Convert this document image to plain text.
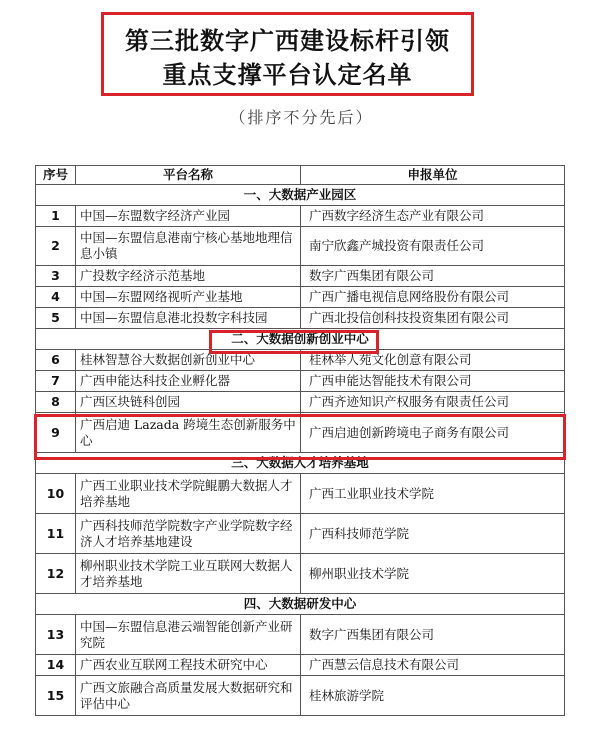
第三批数字广西建设标杆引领
重点支撑平台认定名单
（排序不分先后）
序号	平台名称	申报单位
一、大数据产业园区		
1	中国—东盟数字经济产业园	广西数字经济生态产业有限公司
2	中国—东盟信息港南宁核心基地地理信息小镇	南宁欣鑫产城投资有限责任公司
3	广投数字经济示范基地	数字广西集团有限公司
4	中国—东盟网络视听产业基地	广西广播电视信息网络股份有限公司
5	中国—东盟信息港北投数字科技园	广西北投信创科技投资集团有限公司
二、大数据创新创业中心		
6	桂林智慧谷大数据创新创业中心	桂林举人苑文化创意有限公司
7	广西申能达科技企业孵化器	广西申能达智能技术有限公司
8	广西区块链科创园	广西齐迹知识产权服务有限责任公司
9	广西启迪 Lazada 跨境生态创新服务中心	广西启迪创新跨境电子商务有限公司
三、大数据人才培养基地		
10	广西工业职业技术学院鲲鹏大数据人才培养基地	广西工业职业技术学院
11	广西科技师范学院数字产业学院数字经济人才培养基地建设	广西科技师范学院
12	柳州职业技术学院工业互联网大数据人才培养基地	柳州职业技术学院
四、大数据研发中心		
13	中国—东盟信息港云端智能创新产业研究院	数字广西集团有限公司
14	广西农业互联网工程技术研究中心	广西慧云信息技术有限公司
15	广西文旅融合高质量发展大数据研究和评估中心	桂林旅游学院
